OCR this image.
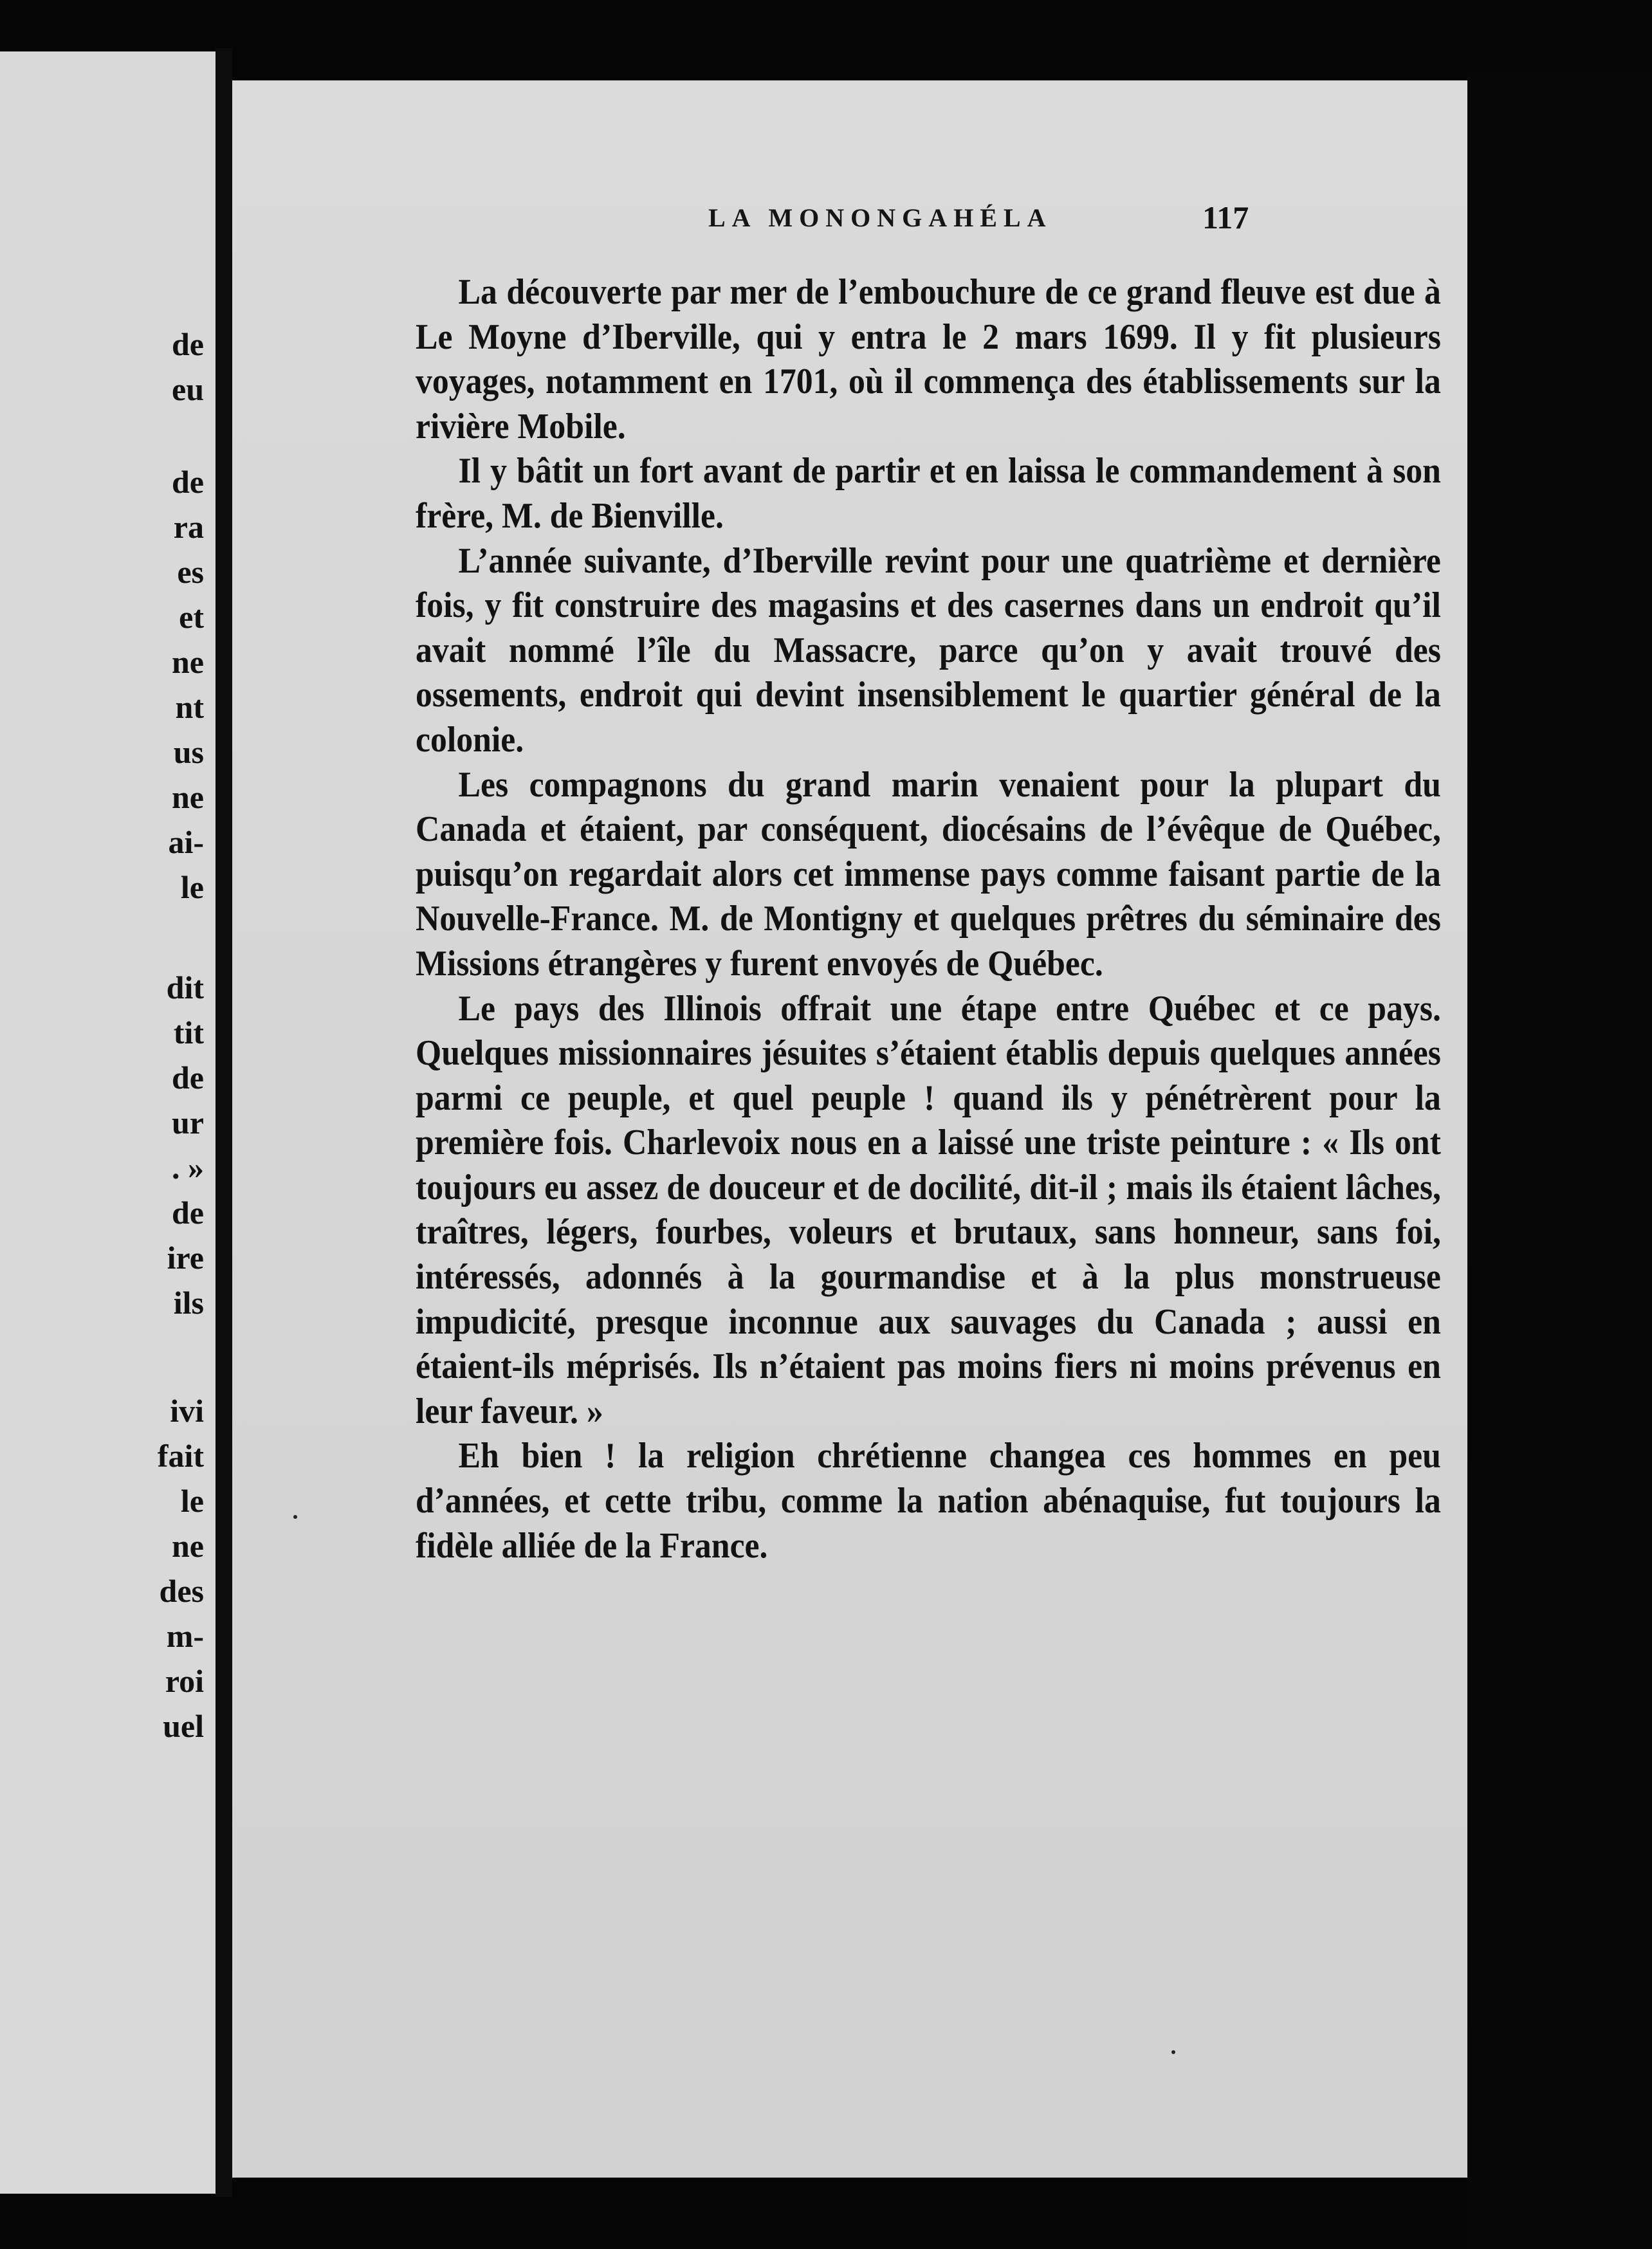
de
eu
de
ra
es
et
ne
nt
us
ne
ai-
le
dit
tit
de
ur
. »
de
ire
ils
ivi
fait
le
ne
des
m-
roi
uel
LA MONONGAHÉLA	117

La découverte par mer de l’embouchure de ce grand fleuve est due à Le Moyne d’Iberville, qui y entra le 2 mars 1699. Il y fit plusieurs voyages, notamment en 1701, où il commença des établissements sur la rivière Mobile.

Il y bâtit un fort avant de partir et en laissa le commandement à son frère, M. de Bienville.

L’année suivante, d’Iberville revint pour une quatrième et dernière fois, y fit construire des magasins et des casernes dans un endroit qu’il avait nommé l’île du Massacre, parce qu’on y avait trouvé des ossements, endroit qui devint insensiblement le quartier général de la colonie.

Les compagnons du grand marin venaient pour la plupart du Canada et étaient, par conséquent, diocésains de l’évêque de Québec, puisqu’on regardait alors cet immense pays comme faisant partie de la Nouvelle-France. M. de Montigny et quelques prêtres du séminaire des Missions étrangères y furent envoyés de Québec.

Le pays des Illinois offrait une étape entre Québec et ce pays. Quelques missionnaires jésuites s’étaient établis depuis quelques années parmi ce peuple, et quel peuple ! quand ils y pénétrèrent pour la première fois. Charlevoix nous en a laissé une triste peinture : « Ils ont toujours eu assez de douceur et de docilité, dit-il ; mais ils étaient lâches, traîtres, légers, fourbes, voleurs et brutaux, sans honneur, sans foi, intéressés, adonnés à la gourmandise et à la plus monstrueuse impudicité, presque inconnue aux sauvages du Canada ; aussi en étaient-ils méprisés. Ils n’étaient pas moins fiers ni moins prévenus en leur faveur. »

Eh bien ! la religion chrétienne changea ces hommes en peu d’années, et cette tribu, comme la nation abénaquise, fut toujours la fidèle alliée de la France.
